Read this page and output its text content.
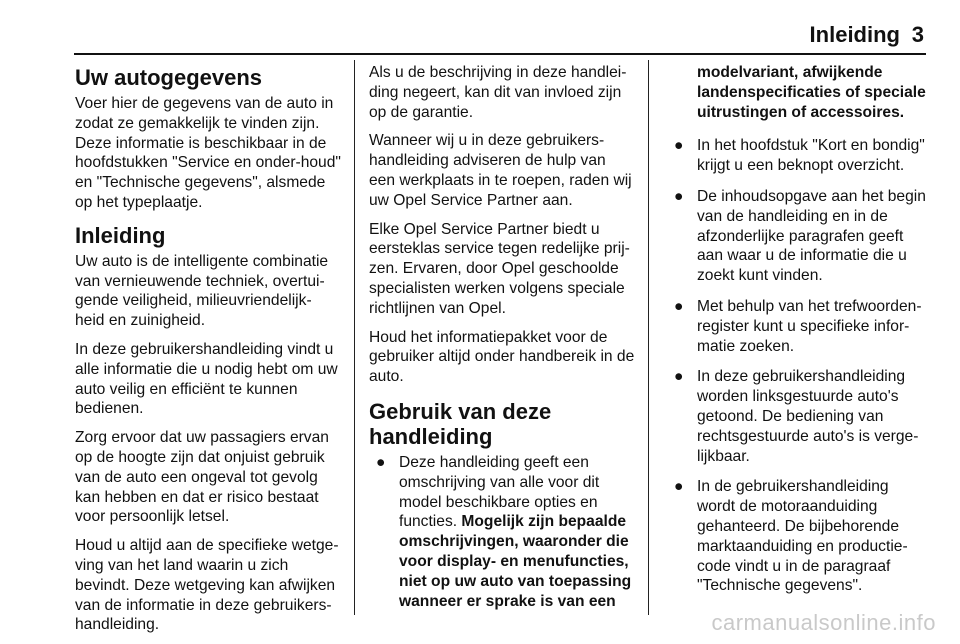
Inleiding 3
Uw autogegevens

Voer hier de gegevens van de auto in zodat ze gemakkelijk te vinden zijn. Deze informatie is beschikbaar in de hoofdstukken "Service en onder-houd" en "Technische gegevens", alsmede op het typeplaatje.

Inleiding

Uw auto is de intelligente combinatie van vernieuwende techniek, overtui-gende veiligheid, milieuvriendelijk-heid en zuinigheid.

In deze gebruikershandleiding vindt u alle informatie die u nodig hebt om uw auto veilig en efficiënt te kunnen bedienen.

Zorg ervoor dat uw passagiers ervan op de hoogte zijn dat onjuist gebruik van de auto een ongeval tot gevolg kan hebben en dat er risico bestaat voor persoonlijk letsel.

Houd u altijd aan de specifieke wetge-ving van het land waarin u zich bevindt. Deze wetgeving kan afwijken van de informatie in deze gebruikers-handleiding.

Als u de beschrijving in deze handlei-ding negeert, kan dit van invloed zijn op de garantie.

Wanneer wij u in deze gebruikers-handleiding adviseren de hulp van een werkplaats in te roepen, raden wij uw Opel Service Partner aan.

Elke Opel Service Partner biedt u eersteklas service tegen redelijke prij-zen. Ervaren, door Opel geschoolde specialisten werken volgens speciale richtlijnen van Opel.

Houd het informatiepakket voor de gebruiker altijd onder handbereik in de auto.

Gebruik van deze handleiding
● Deze handleiding geeft een omschrijving van alle voor dit model beschikbare opties en functies. Mogelijk zijn bepaalde omschrijvingen, waaronder die voor display- en menufuncties, niet op uw auto van toepassing wanneer er sprake is van een
modelvariant, afwijkende landenspecificaties of speciale uitrustingen of accessoires.
● In het hoofdstuk "Kort en bondig" krijgt u een beknopt overzicht.
● De inhoudsopgave aan het begin van de handleiding en in de afzonderlijke paragrafen geeft aan waar u de informatie die u zoekt kunt vinden.
● Met behulp van het trefwoorden-register kunt u specifieke infor-matie zoeken.
● In deze gebruikershandleiding worden linksgestuurde auto's getoond. De bediening van rechtsgestuurde auto's is verge-lijkbaar.
● In de gebruikershandleiding wordt de motoraanduiding gehanteerd. De bijbehorende marktaanduiding en productie-code vindt u in de paragraaf "Technische gegevens".
carmanualsonline.info
